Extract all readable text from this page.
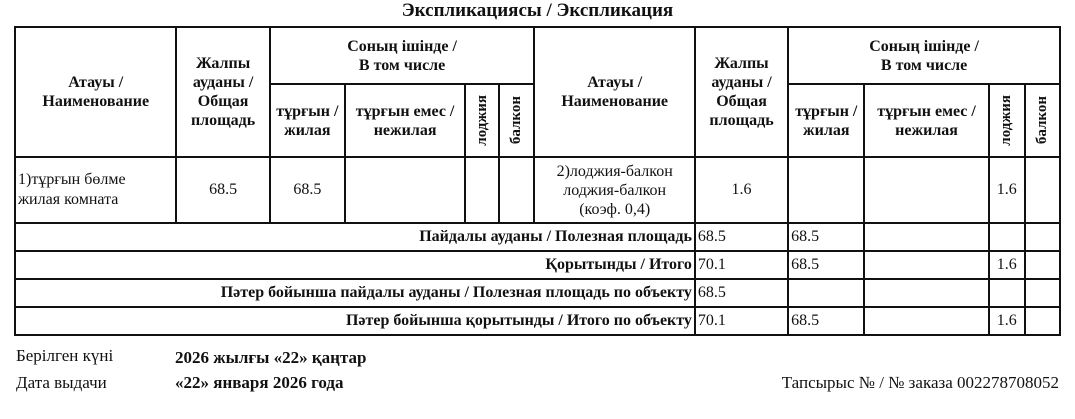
Экспликациясы / Экспликация
Атауы /
Наименование	Жалпы
ауданы /
Общая
площадь	Соның ішінде /
В том числе				Атауы /
Наименование	Жалпы
ауданы /
Общая
площадь	Соның ішінде /
В том числе			
		тұрғын /
жилая	тұрғын емес /
нежилая	лоджия	балкон			тұрғын /
жилая	тұрғын емес /
нежилая	лоджия	балкон

1)тұрғын бөлме
жилая комната	68.5	68.5				2)лоджия-балкон
лоджия-балкон
(коэф. 0,4)	1.6			1.6	
Пайдалы ауданы / Полезная площадь							68.5	68.5			
Қорытынды / Итого							70.1	68.5		1.6	
Пәтер бойынша пайдалы ауданы / Полезная площадь по объекту							68.5				
Пәтер бойынша қорытынды / Итого по объекту							70.1	68.5		1.6	
Берілген күні	2026 жылғы «22» қаңтар
Дата выдачи	«22» января 2026 года	Тапсырыс № / № заказа 002278708052
